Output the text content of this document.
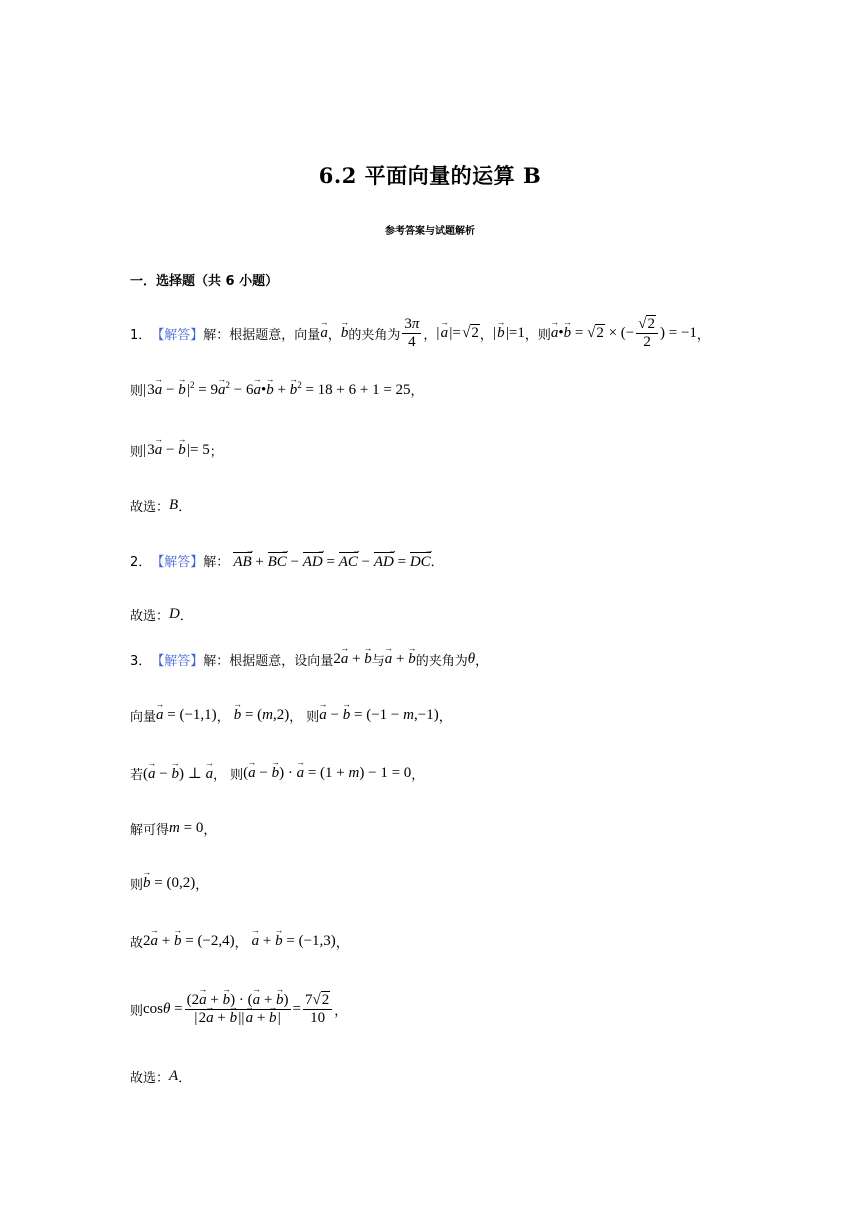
6.2 平面向量的运算 B
参考答案与试题解析
一．选择题（共 6 小题）
1． 【解答】 解：根据题意，向量 → a ， → b 的夹角为 $\frac{3\pi}{4}$ ， | → a |= √2 ， | → b |=1 ，则 → a•→ b = √2 × (− $\frac{√2}{2}$ ) = −1 ，
则 | 3→ a − → b $|^2 = 9\to a^2 - 6\to$ a•→ b + → $b^2 = 18 + 6 + 1 = 25$ ，
则 | 3→ a − → b |= 5 ；
故选： B ．
2． 【解答】 解： AB → + BC → − AD → = AC → − AD → = DC → ．
故选： D ．
3． 【解答】 解：根据题意，设向量 2→ a + → b 与 → a + → b 的夹角为 θ ，
向量 → a = (−1,1) ， → b = (m,2) ， 则 → a − → b = (−1 − m,−1) ，
若 (→ a − → b) ⊥ → a ， 则 (→ a − → b) · → a = (1 + m) − 1 = 0 ，
解可得 m = 0 ，
则 → b = (0,2) ，
故 2→ a + → b = (−2,4) ， → a + → b = (−1,3) ，
则 $\cos\theta = \frac{(2\to a + \to b) \cdot (\to a + \to b)}{| 2\to a + \to b || \to a + \to b |} = \frac{7√2}{10}$ ，
故选： A ．
